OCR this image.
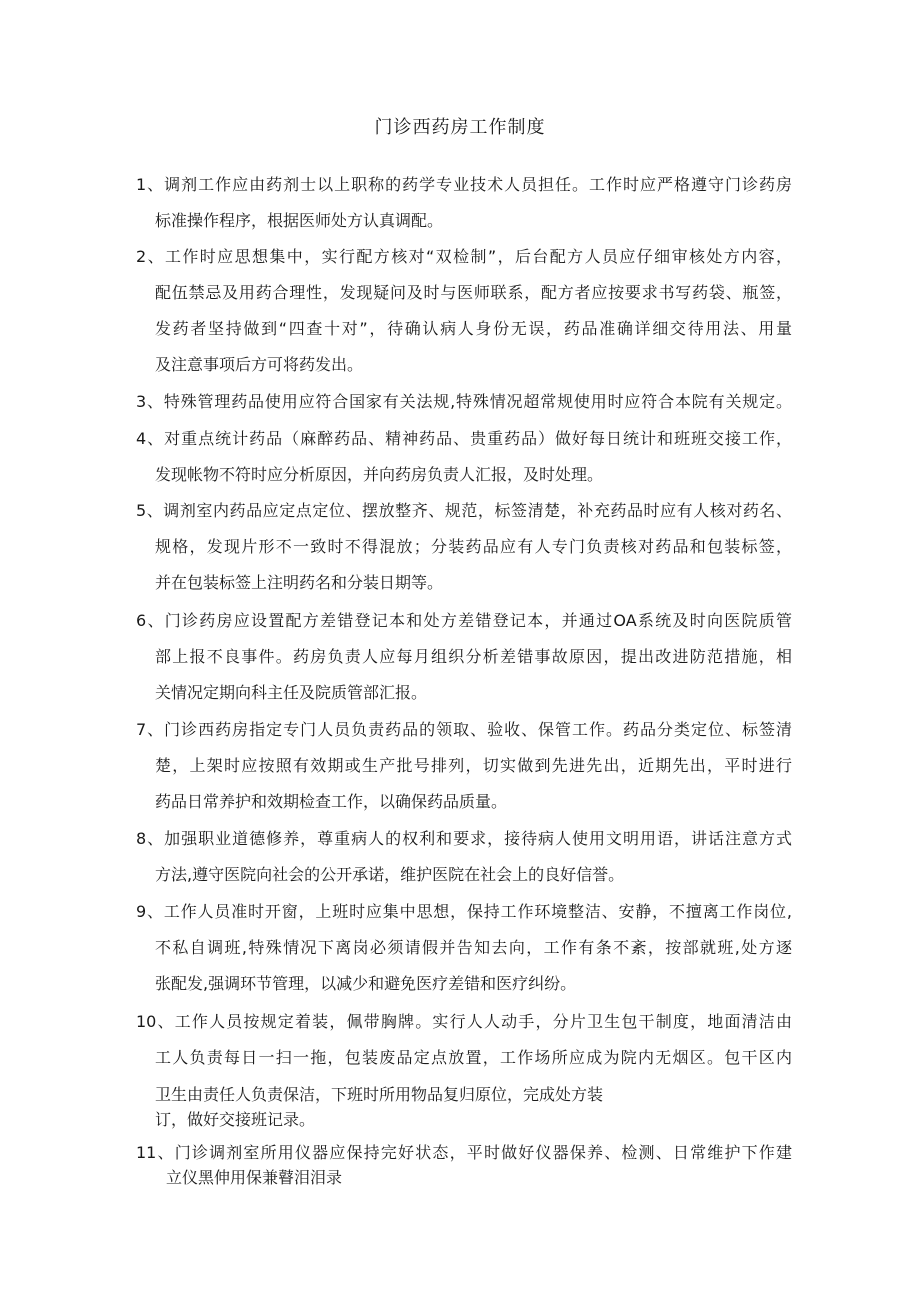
门诊西药房工作制度
1、调剂工作应由药剂士以上职称的药学专业技术人员担任。工作时应严格遵守门诊药房
标准操作程序，根据医师处方认真调配。
2、工作时应思想集中，实行配方核对“双检制”，后台配方人员应仔细审核处方内容，
配伍禁忌及用药合理性，发现疑问及时与医师联系，配方者应按要求书写药袋、瓶签，
发药者坚持做到“四查十对”，待确认病人身份无误，药品准确详细交待用法、用量
及注意事项后方可将药发出。
3、特殊管理药品使用应符合国家有关法规,特殊情况超常规使用时应符合本院有关规定。
4、对重点统计药品（麻醉药品、精神药品、贵重药品）做好每日统计和班班交接工作，
发现帐物不符时应分析原因，并向药房负责人汇报，及时处理。
5、调剂室内药品应定点定位、摆放整齐、规范，标签清楚，补充药品时应有人核对药名、
规格，发现片形不一致时不得混放；分装药品应有人专门负责核对药品和包装标签，
并在包装标签上注明药名和分装日期等。
6、门诊药房应设置配方差错登记本和处方差错登记本，并通过OA系统及时向医院质管
部上报不良事件。药房负责人应每月组织分析差错事故原因，提出改进防范措施，相
关情况定期向科主任及院质管部汇报。
7、门诊西药房指定专门人员负责药品的领取、验收、保管工作。药品分类定位、标签清
楚，上架时应按照有效期或生产批号排列，切实做到先进先出，近期先出，平时进行
药品日常养护和效期检查工作，以确保药品质量。
8、加强职业道德修养，尊重病人的权利和要求，接待病人使用文明用语，讲话注意方式
方法,遵守医院向社会的公开承诺，维护医院在社会上的良好信誉。
9、工作人员准时开窗，上班时应集中思想，保持工作环境整洁、安静，不擅离工作岗位,
不私自调班,特殊情况下离岗必须请假并告知去向，工作有条不紊，按部就班,处方逐
张配发,强调环节管理，以减少和避免医疗差错和医疗纠纷。
10、工作人员按规定着装，佩带胸牌。实行人人动手，分片卫生包干制度，地面清洁由
工人负责每日一扫一拖，包装废品定点放置，工作场所应成为院内无烟区。包干区内
卫生由责任人负责保洁，下班时所用物品复归原位，完成处方装
订，做好交接班记录。
11、门诊调剂室所用仪器应保持完好状态，平时做好仪器保养、检测、日常维护下作建
立仪黑伸用保兼瞽泪泪录
